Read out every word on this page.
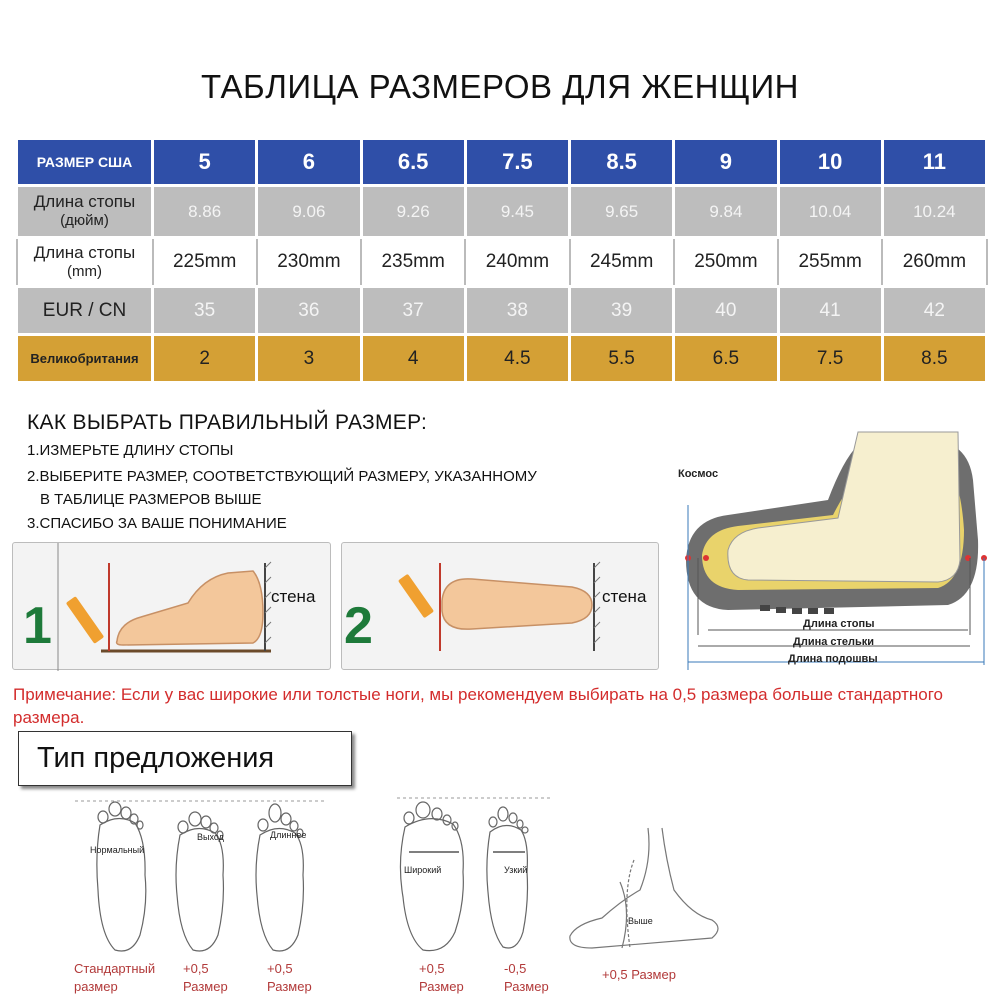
ТАБЛИЦА РАЗМЕРОВ ДЛЯ ЖЕНЩИН
РАЗМЕР США	5	6	6.5	7.5	8.5	9	10	11
Длина стопы
(дюйм)	8.86	9.06	9.26	9.45	9.65	9.84	10.04	10.24
Длина стопы
(mm)	225mm	230mm	235mm	240mm	245mm	250mm	255mm	260mm
EUR / CN	35	36	37	38	39	40	41	42
Великобритания	2	3	4	4.5	5.5	6.5	7.5	8.5
КАК ВЫБРАТЬ ПРАВИЛЬНЫЙ РАЗМЕР:
1.ИЗМЕРЬТЕ ДЛИНУ СТОПЫ
2.ВЫБЕРИТЕ РАЗМЕР, СООТВЕТСТВУЮЩИЙ РАЗМЕРУ, УКАЗАННОМУ
В ТАБЛИЦЕ РАЗМЕРОВ ВЫШЕ
3.СПАСИБО ЗА ВАШЕ ПОНИМАНИЕ
1
стена
2
стена
Космос
Длина стопы
Длина стельки
Длина подошвы
Примечание: Если у вас широкие или толстые ноги, мы рекомендуем выбирать на 0,5 размера больше стандартного размера.
Тип предложения
Нормальный
Выход	Длиннее
Широкий	Узкий
Выше
Стандартный
размер
+0,5
Размер
+0,5
Размер
+0,5
Размер
-0,5
Размер
+0,5 Размер
